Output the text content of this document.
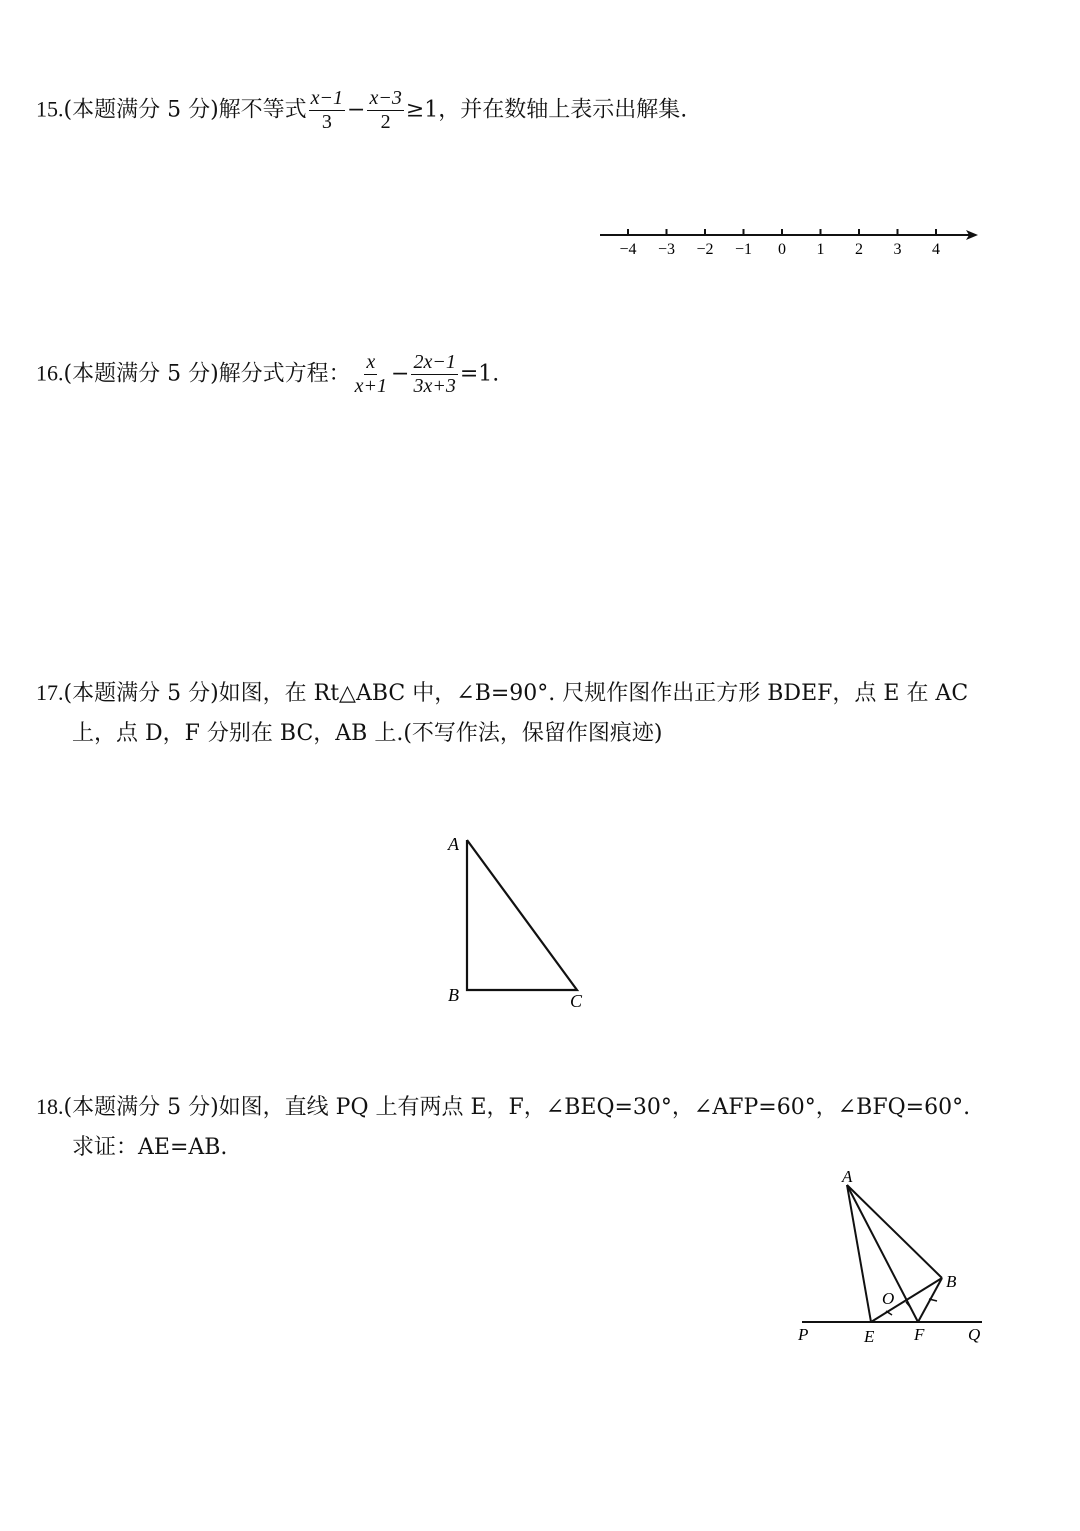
15.(本题满分 5 分)解不等式 $\frac{x-1}{3} - \frac{x-3}{2} \ge 1$，并在数轴上表示出解集.
−4 −3 −2 −1 0 1 2 3 4
16.(本题满分 5 分)解分式方程： $\frac{x}{x+1} - \frac{2x-1}{3x+3} =1$.
17.(本题满分 5 分)如图，在 Rt△ABC 中，∠B=90°. 尺规作图作出正方形 BDEF，点 E 在 AC
上，点 D，F 分别在 BC，AB 上.(不写作法，保留作图痕迹)
A
B	C
18.(本题满分 5 分)如图，直线 PQ 上有两点 E，F，∠BEQ=30°，∠AFP=60°，∠BFQ=60°.
求证：AE=AB.
A
B
O
P	E F	Q
